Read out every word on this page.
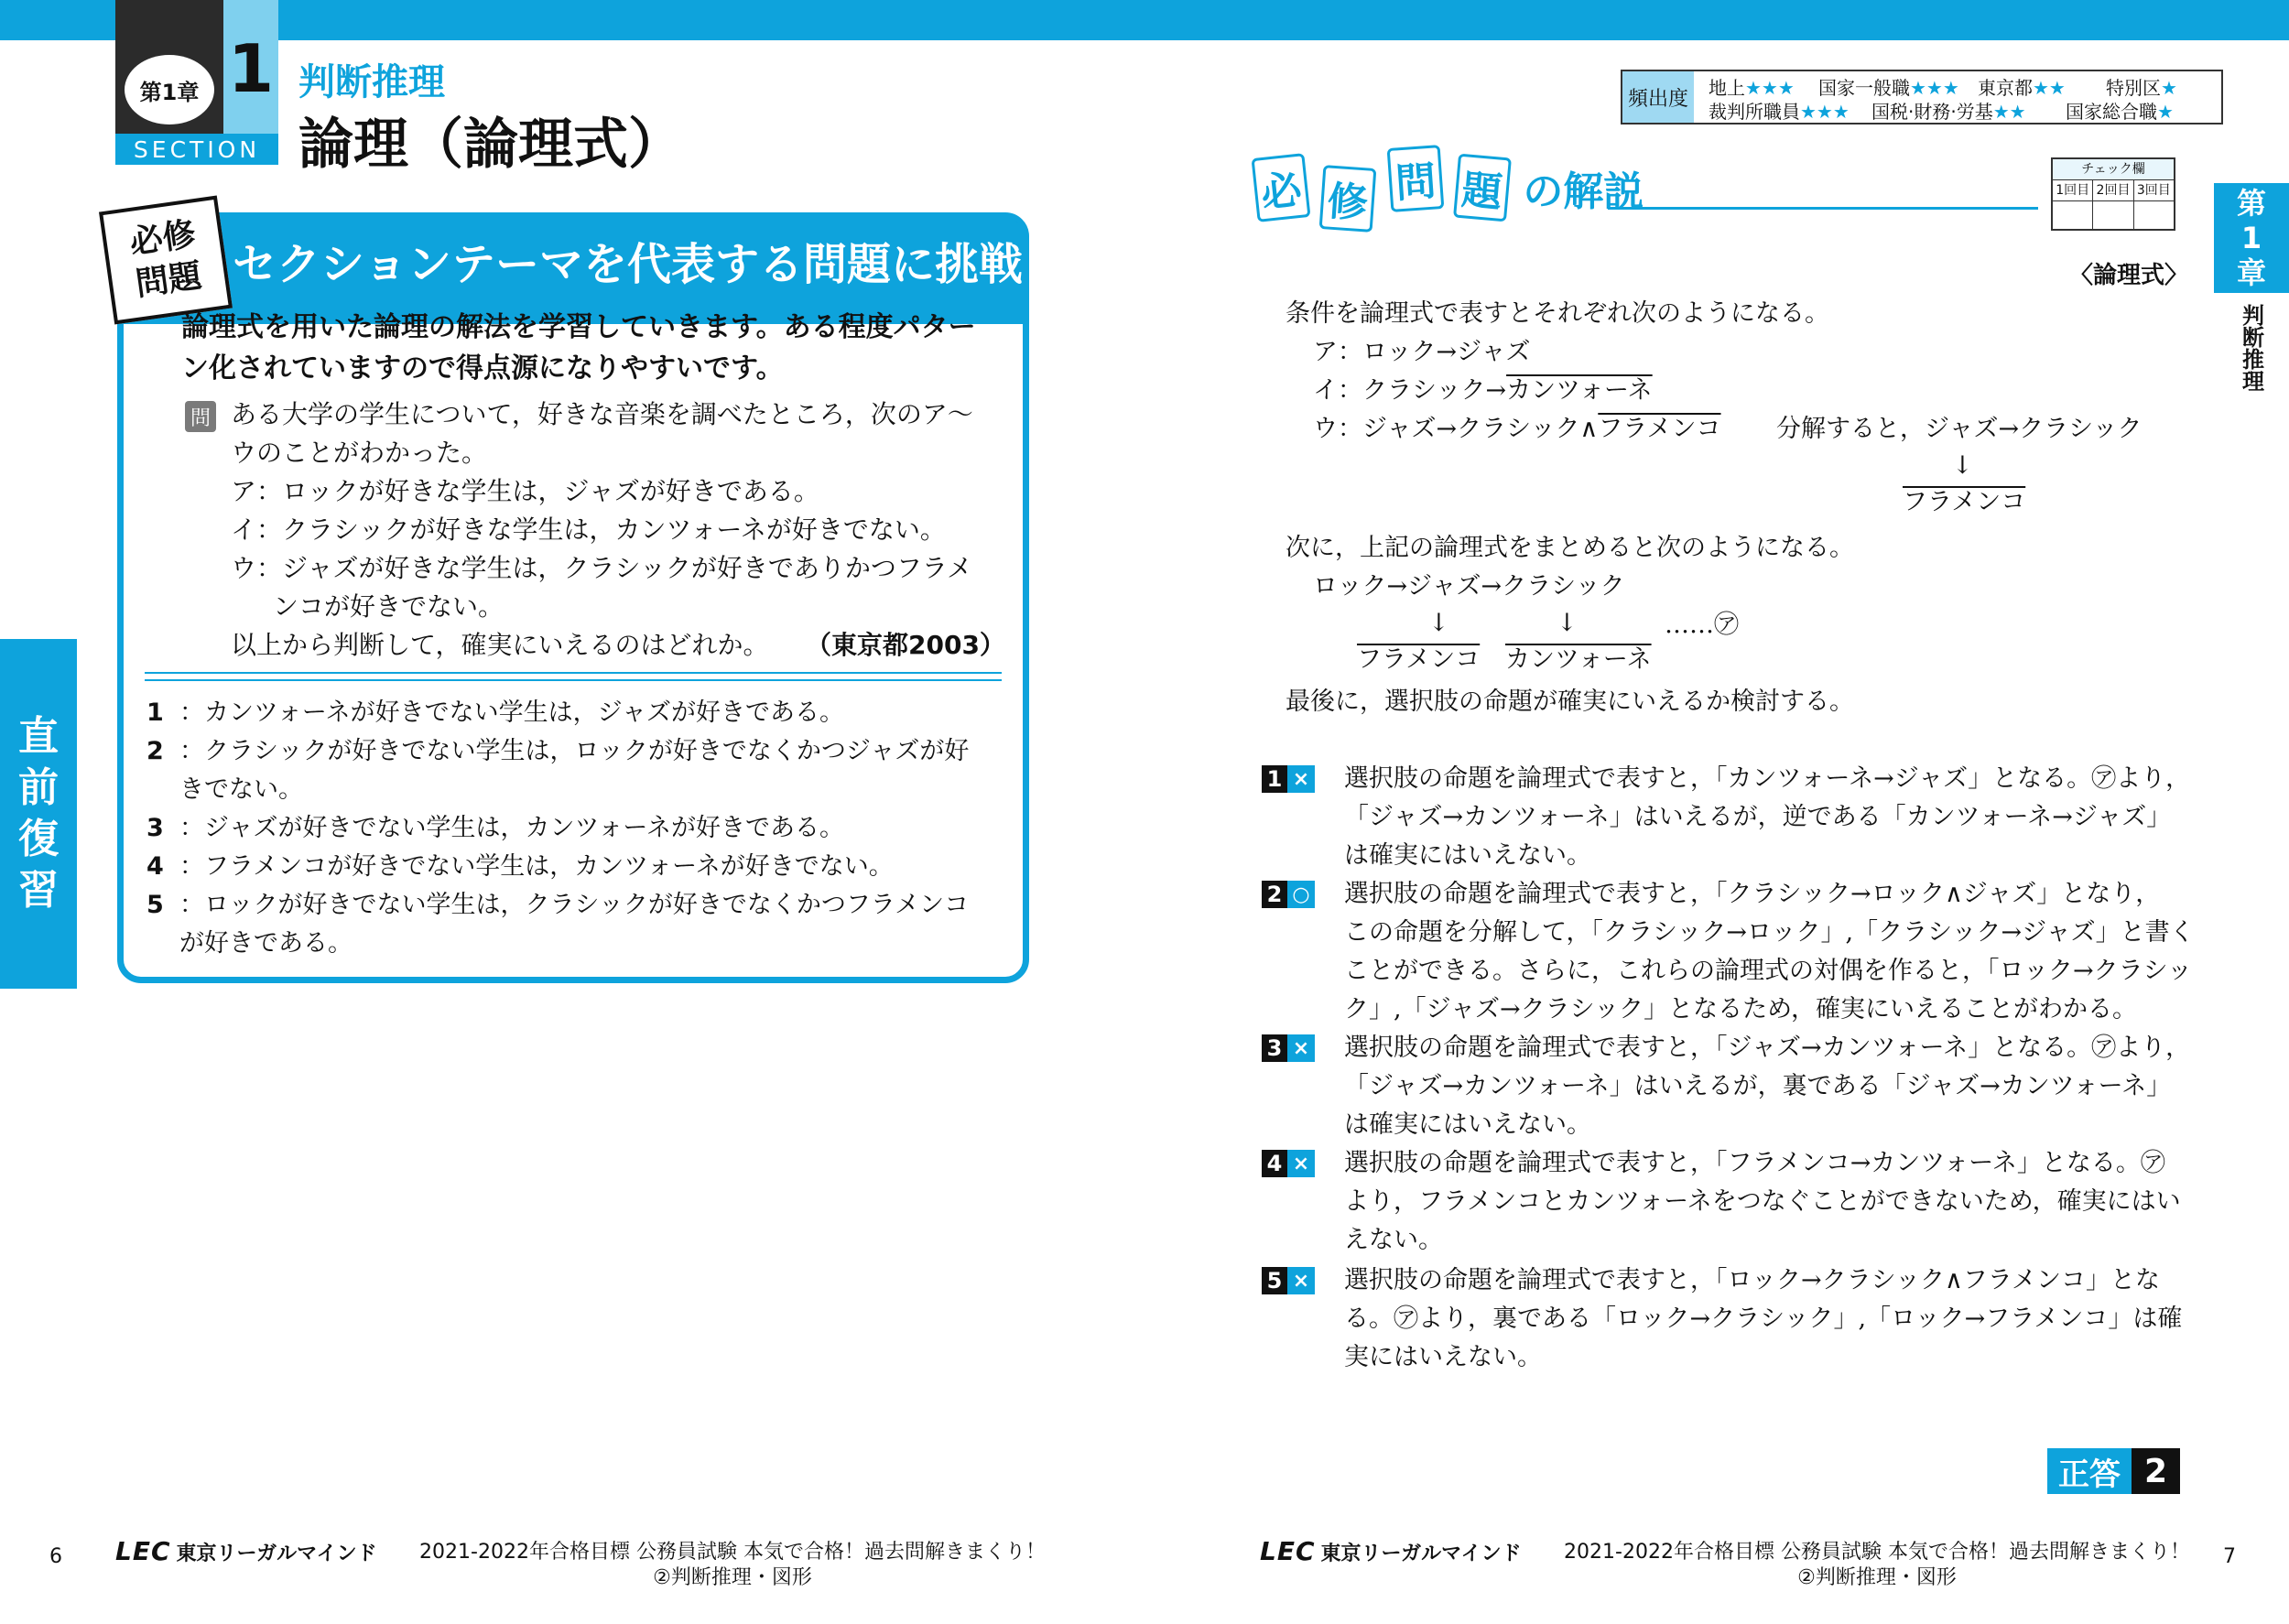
第1章 1
SECTION
判断推理
論理（論理式）
必修
問題 セクションテーマを代表する問題に挑戦！
論理式を用いた論理の解法を学習していきます。ある程度パターン化されていますので得点源になりやすいです。
問 ある大学の学生について，好きな音楽を調べたところ，次のア〜
ウのことがわかった。
ア：ロックが好きな学生は，ジャズが好きである。
イ：クラシックが好きな学生は，カンツォーネが好きでない。
ウ：ジャズが好きな学生は，クラシックが好きでありかつフラメ
ンコが好きでない。
以上から判断して，確実にいえるのはどれか。 （東京都2003）
1 ：カンツォーネが好きでない学生は，ジャズが好きである。
2 ：クラシックが好きでない学生は，ロックが好きでなくかつジャズが好きでない。
3 ：ジャズが好きでない学生は，カンツォーネが好きである。
4 ：フラメンコが好きでない学生は，カンツォーネが好きでない。
5 ：ロックが好きでない学生は，クラシックが好きでなくかつフラメンコが好きである。
直
前
復
習
6 LEC 東京リーガルマインド	2021-2022年合格目標 公務員試験 本気で合格！過去問解きまくり！
②判断推理・図形
頻出度	地上★★★ 国家一般職★★★ 東京都★★ 特別区★
裁判所職員★★★ 国税·財務·労基★★ 国家総合職★
必 修 問 題 の解説	チェック欄
1回目 2回目 3回目 第
1
章
判断推理
〈論理式〉
条件を論理式で表すとそれぞれ次のようになる。
ア：ロック→ジャズ
イ：クラシック→カンツォーネ
ウ：ジャズ→クラシック∧フラメンコ 分解すると，ジャズ→クラシック
↓
フラメンコ
次に，上記の論理式をまとめると次のようになる。
ロック→ジャズ→クラシック
↓	↓
フラメンコ カンツォーネ
……㋐
最後に，選択肢の命題が確実にいえるか検討する。
1 × 選択肢の命題を論理式で表すと，「カンツォーネ→ジャズ」となる。㋐より，
「ジャズ→カンツォーネ」はいえるが，逆である「カンツォーネ→ジャズ」
は確実にはいえない。
2 ○ 選択肢の命題を論理式で表すと，「クラシック→ロック∧ジャズ」となり，
この命題を分解して，「クラシック→ロック」,「クラシック→ジャズ」と書く
ことができる。さらに，これらの論理式の対偶を作ると，「ロック→クラシッ
ク」,「ジャズ→クラシック」となるため，確実にいえることがわかる。
3 × 選択肢の命題を論理式で表すと，「ジャズ→カンツォーネ」となる。㋐より，
「ジャズ→カンツォーネ」はいえるが，裏である「ジャズ→カンツォーネ」
は確実にはいえない。
4 × 選択肢の命題を論理式で表すと，「フラメンコ→カンツォーネ」となる。㋐
より，フラメンコとカンツォーネをつなぐことができないため，確実にはい
えない。
5 × 選択肢の命題を論理式で表すと，「ロック→クラシック∧フラメンコ」とな
る。㋐より，裏である「ロック→クラシック」,「ロック→フラメンコ」は確
実にはいえない。
正答 2
LEC 東京リーガルマインド	2021-2022年合格目標 公務員試験 本気で合格！過去問解きまくり！
②判断推理・図形
7
